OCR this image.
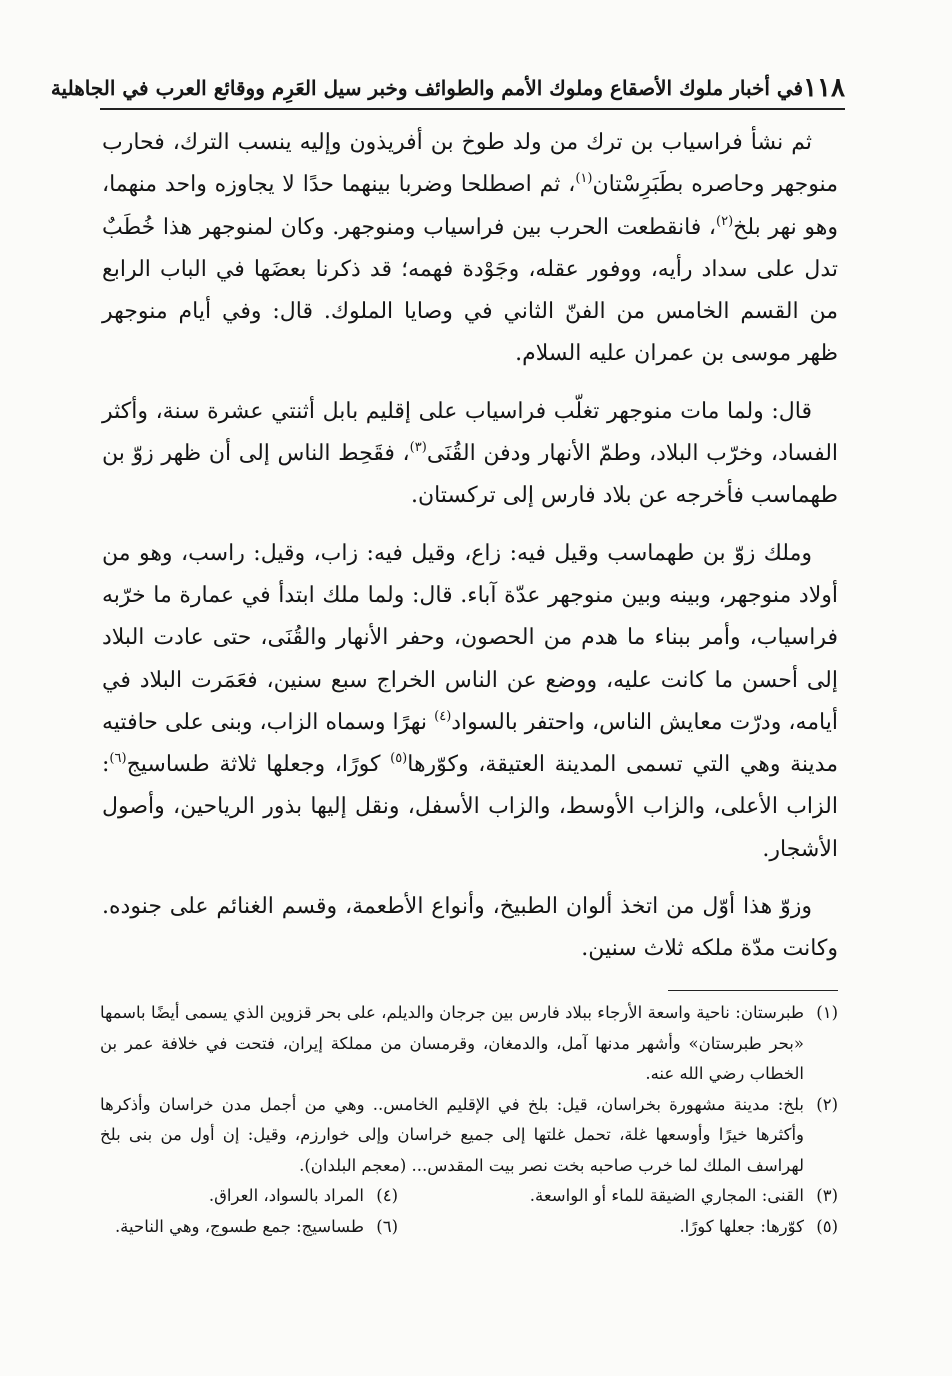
١١٨
في أخبار ملوك الأصقاع وملوك الأمم والطوائف وخبر سيل العَرِم ووقائع العرب في الجاهلية

ثم نشأ فراسياب بن ترك من ولد طوخ بن أفريذون وإليه ينسب الترك، فحارب منوجهر وحاصره بطَبَرِسْتان$^{(١)}$، ثم اصطلحا وضربا بينهما حدًا لا يجاوزه واحد منهما، وهو نهر بلخ$^{(٢)}$، فانقطعت الحرب بين فراسياب ومنوجهر. وكان لمنوجهر هذا خُطَبٌ تدل على سداد رأيه، ووفور عقله، وجَوْدة فهمه؛ قد ذكرنا بعضَها في الباب الرابع من القسم الخامس من الفنّ الثاني في وصايا الملوك. قال: وفي أيام منوجهر ظهر موسى بن عمران عليه السلام.

قال: ولما مات منوجهر تغلّب فراسياب على إقليم بابل أثنتي عشرة سنة، وأكثر الفساد، وخرّب البلاد، وطمّ الأنهار ودفن القُنَى$^{(٣)}$، فقَحِط الناس إلى أن ظهر زوّ بن طهماسب فأخرجه عن بلاد فارس إلى تركستان.

وملك زوّ بن طهماسب وقيل فيه: زاع، وقيل فيه: زاب، وقيل: راسب، وهو من أولاد منوجهر، وبينه وبين منوجهر عدّة آباء. قال: ولما ملك ابتدأ في عمارة ما خرّبه فراسياب، وأمر ببناء ما هدم من الحصون، وحفر الأنهار والقُنَى، حتى عادت البلاد إلى أحسن ما كانت عليه، ووضع عن الناس الخراج سبع سنين، فعَمَرت البلاد في أيامه، ودرّت معايش الناس، واحتفر بالسواد$^{(٤)}$ نهرًا وسماه الزاب، وبنى على حافتيه مدينة وهي التي تسمى المدينة العتيقة، وكوّرها$^{(٥)}$ كورًا، وجعلها ثلاثة طساسيج$^{(٦)}$: الزاب الأعلى، والزاب الأوسط، والزاب الأسفل، ونقل إليها بذور الرياحين، وأصول الأشجار.

وزوّ هذا أوّل من اتخذ ألوان الطبيخ، وأنواع الأطعمة، وقسم الغنائم على جنوده. وكانت مدّة ملكه ثلاث سنين.

(١)
طبرستان: ناحية واسعة الأرجاء ببلاد فارس بين جرجان والديلم، على بحر قزوين الذي يسمى أيضًا باسمها «بحر طبرستان» وأشهر مدنها آمل، والدمغان، وقرمسان من مملكة إيران، فتحت في خلافة عمر بن الخطاب رضي الله عنه.
(٢)
بلخ: مدينة مشهورة بخراسان، قيل: بلخ في الإقليم الخامس.. وهي من أجمل مدن خراسان وأذكرها وأكثرها خيرًا وأوسعها غلة، تحمل غلتها إلى جميع خراسان وإلى خوارزم، وقيل: إن أول من بنى بلخ لهراسف الملك لما خرب صاحبه بخت نصر بيت المقدس... (معجم البلدان).
(٣)
القنى: المجاري الضيقة للماء أو الواسعة.
(٤)
المراد بالسواد، العراق.
(٥)
كوّرها: جعلها كورًا.
(٦)
طساسيج: جمع طسوج، وهي الناحية.
